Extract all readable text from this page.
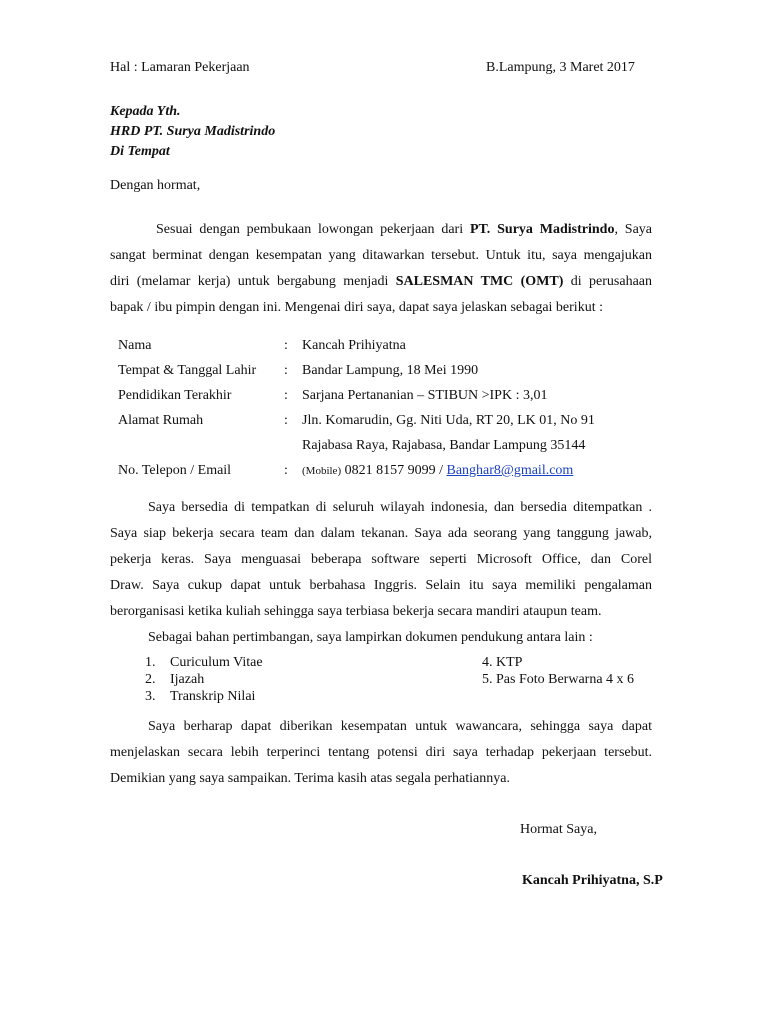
Hal : Lamaran Pekerjaan	B.Lampung, 3 Maret 2017
Kepada Yth.
HRD PT. Surya Madistrindo
Di Tempat
Dengan hormat,
Sesuai dengan pembukaan lowongan pekerjaan dari PT. Surya Madistrindo, Saya
sangat berminat dengan kesempatan yang ditawarkan tersebut. Untuk itu, saya mengajukan
diri (melamar kerja) untuk bergabung menjadi SALESMAN TMC (OMT) di perusahaan
bapak / ibu pimpin dengan ini. Mengenai diri saya, dapat saya jelaskan sebagai berikut :
Nama	: Kancah Prihiyatna
Tempat & Tanggal Lahir : Bandar Lampung, 18 Mei 1990
Pendidikan Terakhir	: Sarjana Pertananian – STIBUN >IPK : 3,01
Alamat Rumah	: Jln. Komarudin, Gg. Niti Uda, RT 20, LK 01, No 91
Rajabasa Raya, Rajabasa, Bandar Lampung 35144
No. Telepon / Email	: (Mobile) 0821 8157 9099 / Banghar8@gmail.com
Saya bersedia di tempatkan di seluruh wilayah indonesia, dan bersedia ditempatkan .
Saya siap bekerja secara team dan dalam tekanan. Saya ada seorang yang tanggung jawab,
pekerja keras. Saya menguasai beberapa software seperti Microsoft Office, dan Corel
Draw. Saya cukup dapat untuk berbahasa Inggris. Selain itu saya memiliki pengalaman
berorganisasi ketika kuliah sehingga saya terbiasa bekerja secara mandiri ataupun team.
Sebagai bahan pertimbangan, saya lampirkan dokumen pendukung antara lain :
1. Curiculum Vitae
2. Ijazah
3. Transkrip Nilai
4. KTP
5. Pas Foto Berwarna 4 x 6
Saya berharap dapat diberikan kesempatan untuk wawancara, sehingga saya dapat
menjelaskan secara lebih terperinci tentang potensi diri saya terhadap pekerjaan tersebut.
Demikian yang saya sampaikan. Terima kasih atas segala perhatiannya.
Hormat Saya,
Kancah Prihiyatna, S.P
